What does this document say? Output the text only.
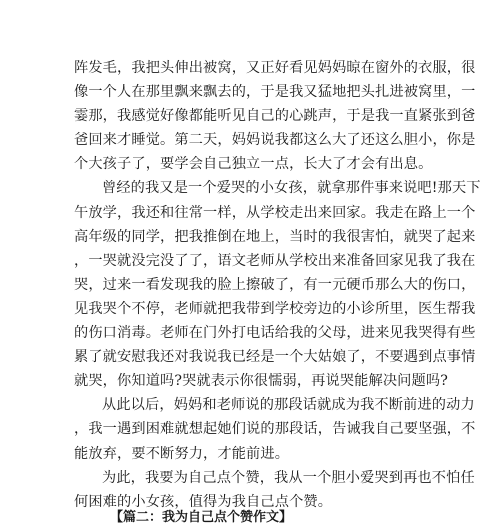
阵发毛，我把头伸出被窝，又正好看见妈妈晾在窗外的衣服，很
像一个人在那里飘来飘去的，于是我又猛地把头扎进被窝里，一
霎那，我感觉好像都能听见自己的心跳声，于是我一直紧张到爸
爸回来才睡觉。第二天，妈妈说我都这么大了还这么胆小，你是
个大孩子了，要学会自己独立一点，长大了才会有出息。
曾经的我又是一个爱哭的小女孩，就拿那件事来说吧!那天下
午放学，我还和往常一样，从学校走出来回家。我走在路上一个
高年级的同学，把我推倒在地上，当时的我很害怕，就哭了起来
，一哭就没完没了了，语文老师从学校出来准备回家见我了我在
哭，过来一看发现我的脸上擦破了，有一元硬币那么大的伤口，
见我哭个不停，老师就把我带到学校旁边的小诊所里，医生帮我
的伤口消毒。老师在门外打电话给我的父母，进来见我哭得有些
累了就安慰我还对我说我已经是一个大姑娘了，不要遇到点事情
就哭，你知道吗?哭就表示你很懦弱，再说哭能解决问题吗?
从此以后，妈妈和老师说的那段话就成为我不断前进的动力
，我一遇到困难就想起她们说的那段话，告诫我自己要坚强，不
能放弃，要不断努力，才能前进。
为此，我要为自己点个赞，我从一个胆小爱哭到再也不怕任
何困难的小女孩，值得为我自己点个赞。
【篇二：我为自己点个赞作文】
